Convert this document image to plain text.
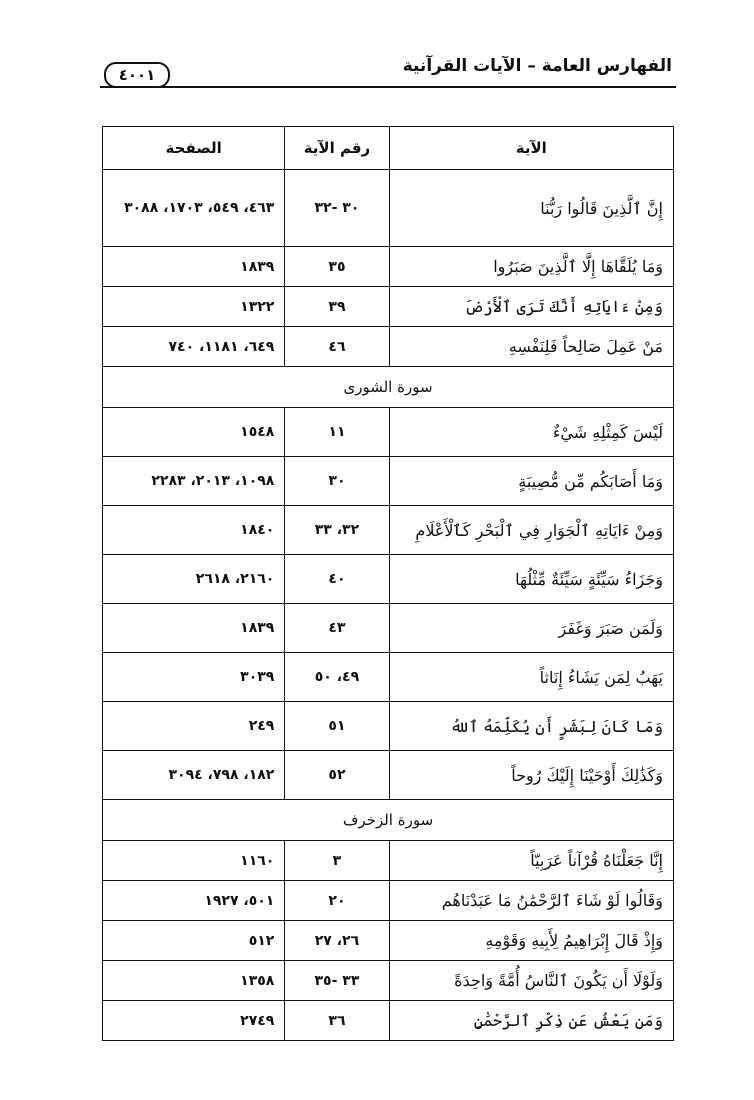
الفهارس العامة – الآيات القرآنية
٤٠٠١
الآية	رقم الآية	الصفحة
إِنَّ ٱلَّذِينَ قَالُوا رَبُّنَا	٣٠ -٣٢	٤٦٣، ٥٤٩، ١٧٠٣، ٣٠٨٨
وَمَا يُلَقَّاهَا إِلَّا ٱلَّذِينَ صَبَرُوا	٣٥	١٨٣٩
وَمِنْ ءَايَاتِهِ أَنَّكَ تَرَى ٱلْأَرْضَ	٣٩	١٣٢٢
مَنْ عَمِلَ صَالِحاً فَلِنَفْسِهِ	٤٦	٦٤٩، ١١٨١، ٧٤٠
سورة الشورى		
لَيْسَ كَمِثْلِهِ شَيْءٌ	١١	١٥٤٨
وَمَا أَصَابَكُم مِّن مُّصِيبَةٍ	٣٠	١٠٩٨، ٢٠١٣، ٢٢٨٣
وَمِنْ ءَايَاتِهِ ٱلْجَوَارِ فِي ٱلْبَحْرِ كَٱلْأَعْلَامِ	٣٢، ٣٣	١٨٤٠
وَجَزَاءُ سَيِّئَةٍ سَيِّئَةٌ مِّثْلُهَا	٤٠	٢١٦٠، ٢٦١٨
وَلَمَن صَبَرَ وَغَفَرَ	٤٣	١٨٣٩
يَهَبُ لِمَن يَشَاءُ إِنَاثاً	٤٩، ٥٠	٣٠٣٩
وَمَا كَانَ لِبَشَرٍ أَن يُكَلِّمَهُ ٱللهُ	٥١	٢٤٩
وَكَذَٰلِكَ أَوْحَيْنَا إِلَيْكَ رُوحاً	٥٢	١٨٢، ٧٩٨، ٣٠٩٤
سورة الزخرف		
إِنَّا جَعَلْنَاهُ قُرْآناً عَرَبِيّاً	٣	١١٦٠
وَقَالُوا لَوْ شَاءَ ٱلرَّحْمَٰنُ مَا عَبَدْنَاهُم	٢٠	٥٠١، ١٩٢٧
وَإِذْ قَالَ إِبْرَاهِيمُ لِأَبِيهِ وَقَوْمِهِ	٢٦، ٢٧	٥١٢
وَلَوْلَا أَن يَكُونَ ٱلنَّاسُ أُمَّةً وَاحِدَةً	٣٣ -٣٥	١٣٥٨
وَمَن يَعْشُ عَن ذِكْرِ ٱلرَّحْمَٰنِ	٣٦	٢٧٤٩
